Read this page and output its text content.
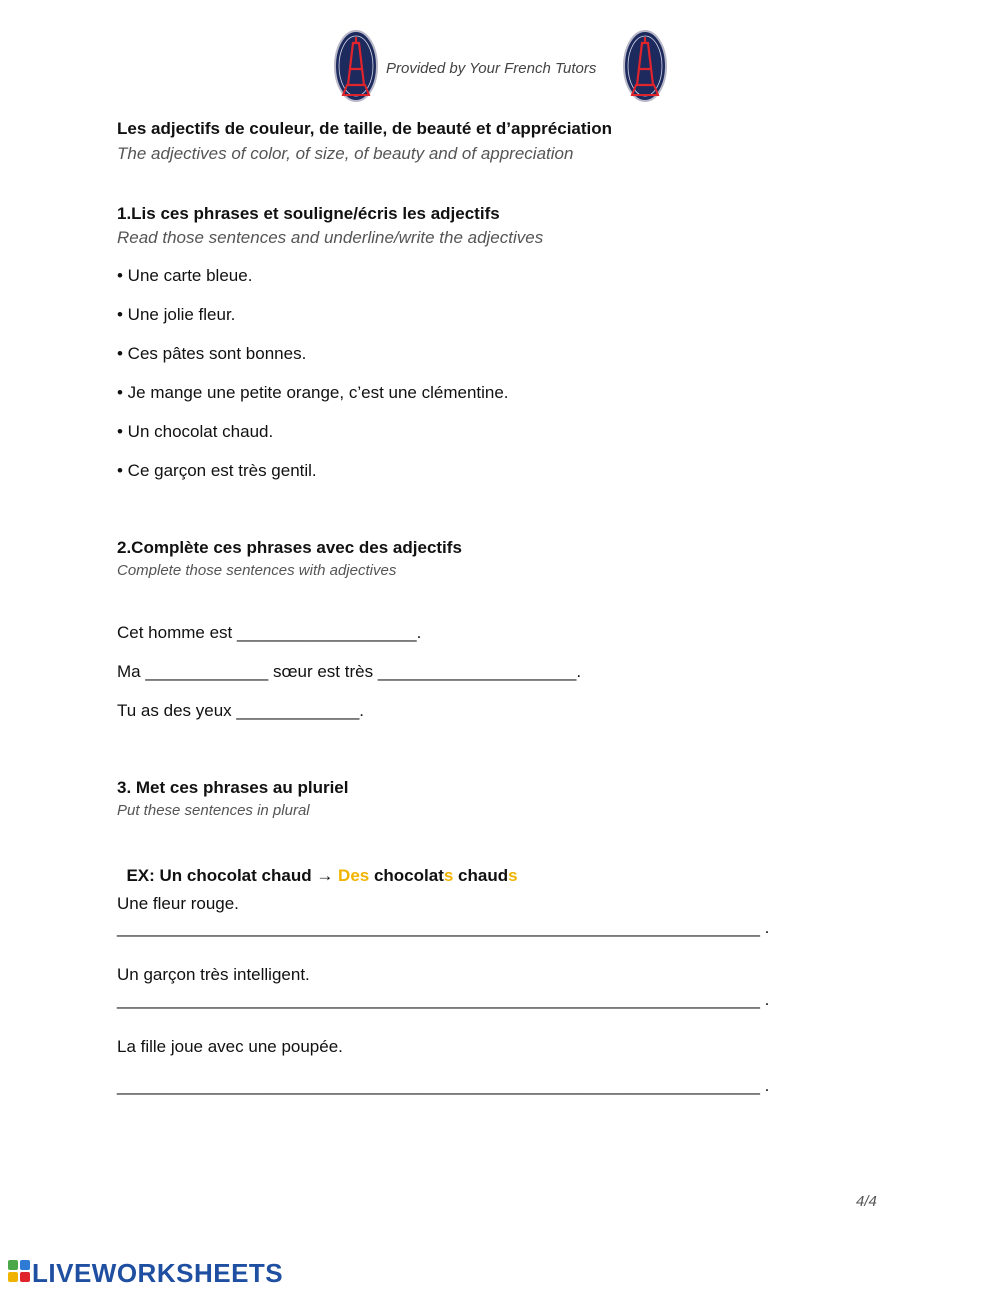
Provided by Your French Tutors
Les adjectifs de couleur, de taille, de beauté et d’appréciation
The adjectives of color, of size, of beauty and of appreciation
1.Lis ces phrases et souligne/écris les adjectifs
Read those sentences and underline/write the adjectives
• Une carte bleue.
• Une jolie fleur.
• Ces pâtes sont bonnes.
• Je mange une petite orange, c’est une clémentine.
• Un chocolat chaud.
• Ce garçon est très gentil.
2.Complète ces phrases avec des adjectifs
Complete those sentences with adjectives
Cet homme est ___________________.
Ma _____________ sœur est très _____________________.
Tu as des yeux _____________.
3. Met ces phrases au pluriel
Put these sentences in plural

EX: Un chocolat chaud → Des chocolats chauds

Une fleur rouge.
____________________________________________________________________ .
Un garçon très intelligent.
____________________________________________________________________ .
La fille joue avec une poupée.
____________________________________________________________________ .
4/4
LIVEWORKSHEETS
